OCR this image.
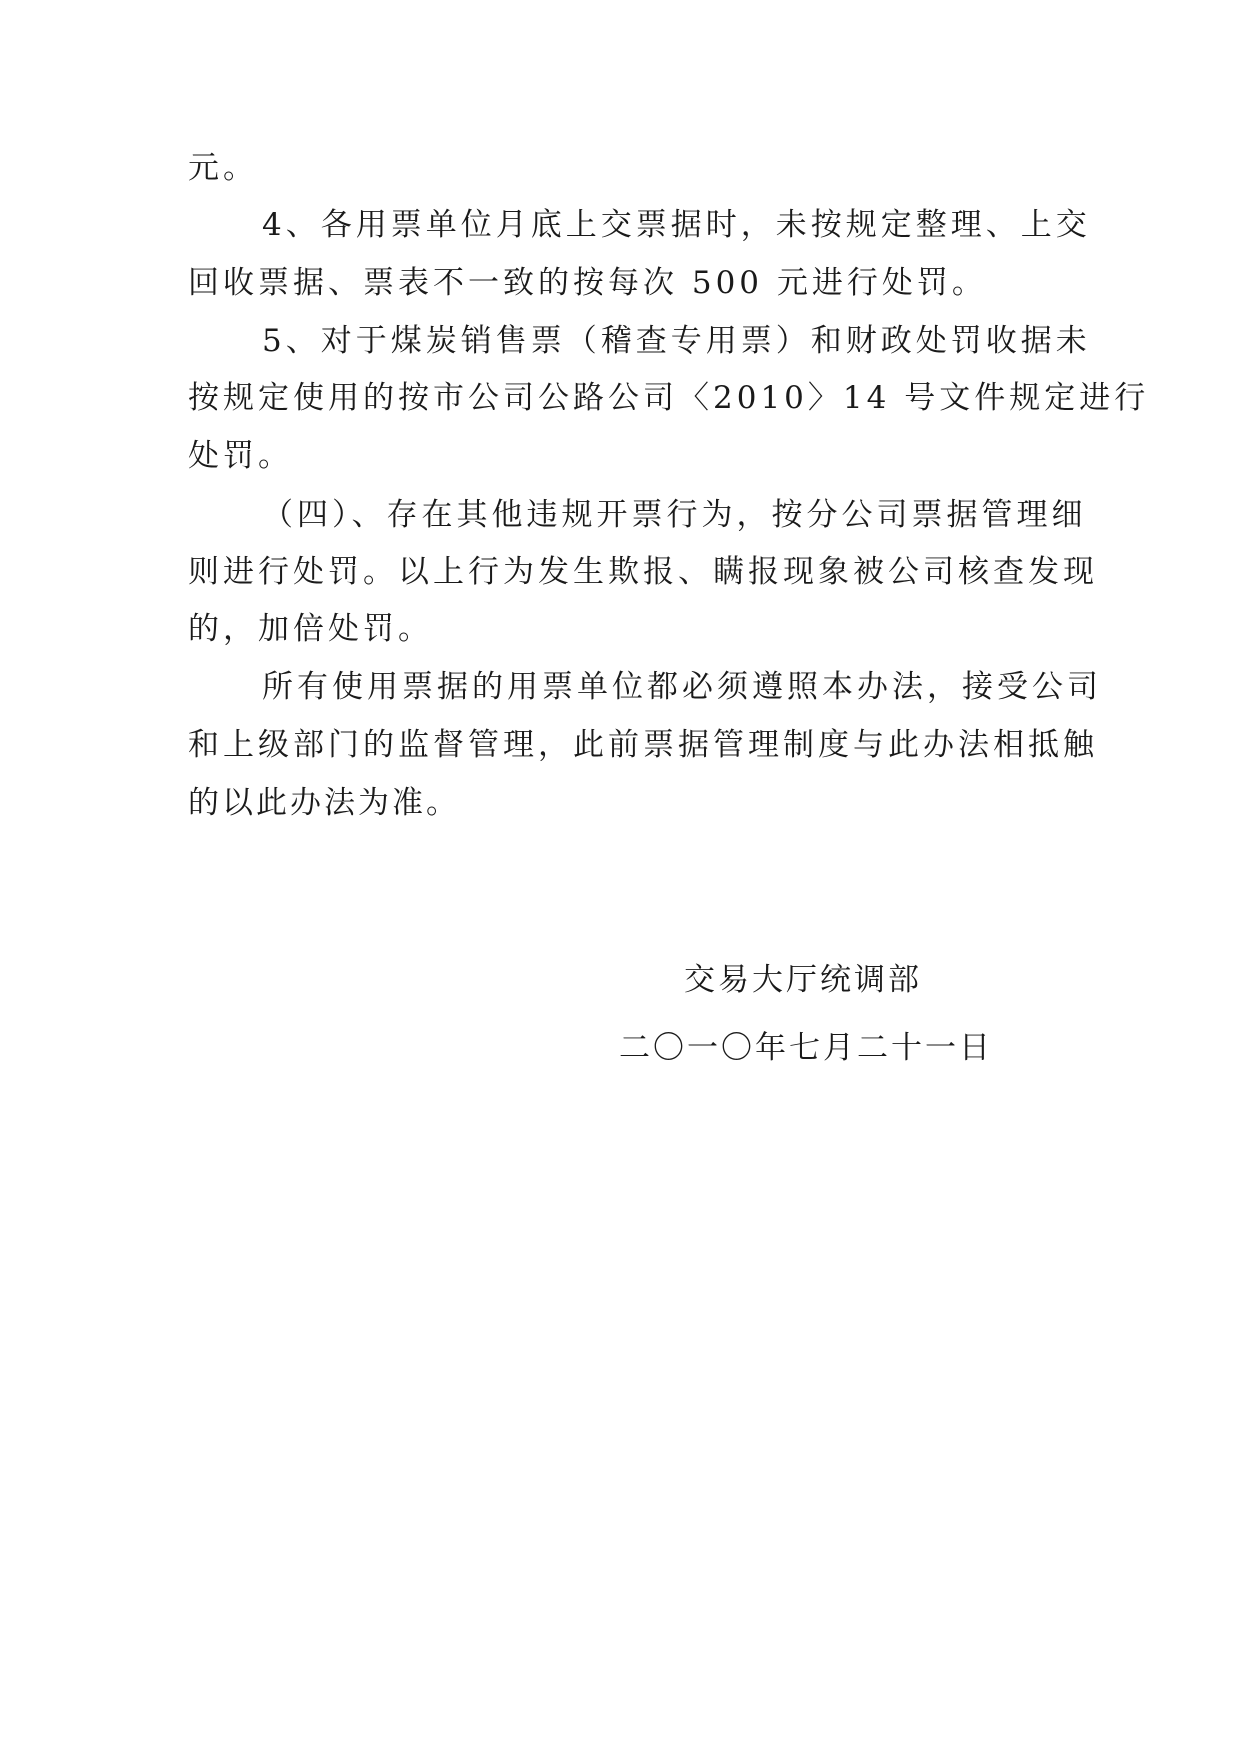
元。
4、各用票单位月底上交票据时，未按规定整理、上交
回收票据、票表不一致的按每次 500 元进行处罚。
5、对于煤炭销售票（稽查专用票）和财政处罚收据未
按规定使用的按市公司公路公司〈2010〉14 号文件规定进行
处罚。
（四）、存在其他违规开票行为，按分公司票据管理细
则进行处罚。以上行为发生欺报、瞒报现象被公司核查发现
的，加倍处罚。
所有使用票据的用票单位都必须遵照本办法，接受公司
和上级部门的监督管理，此前票据管理制度与此办法相抵触
的以此办法为准。
交易大厅统调部
二〇一〇年七月二十一日
